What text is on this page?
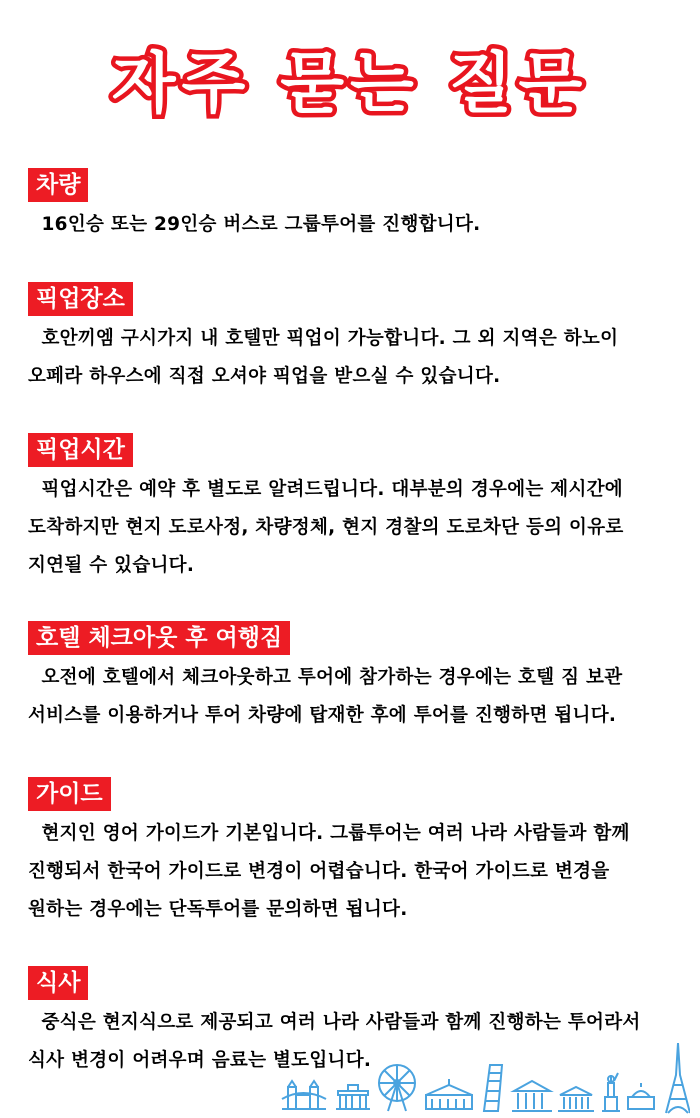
자주 묻는 질문
차량
16인승 또는 29인승 버스로 그룹투어를 진행합니다.
픽업장소
호안끼엠 구시가지 내 호텔만 픽업이 가능합니다. 그 외 지역은 하노이
오페라 하우스에 직접 오셔야 픽업을 받으실 수 있습니다.
픽업시간
픽업시간은 예약 후 별도로 알려드립니다. 대부분의 경우에는 제시간에
도착하지만 현지 도로사정, 차량정체, 현지 경찰의 도로차단 등의 이유로
지연될 수 있습니다.
호텔 체크아웃 후 여행짐
오전에 호텔에서 체크아웃하고 투어에 참가하는 경우에는 호텔 짐 보관
서비스를 이용하거나 투어 차량에 탑재한 후에 투어를 진행하면 됩니다.
가이드
현지인 영어 가이드가 기본입니다. 그룹투어는 여러 나라 사람들과 함께
진행되서 한국어 가이드로 변경이 어렵습니다. 한국어 가이드로 변경을
원하는 경우에는 단독투어를 문의하면 됩니다.
식사
중식은 현지식으로 제공되고 여러 나라 사람들과 함께 진행하는 투어라서
식사 변경이 어려우며 음료는 별도입니다.
